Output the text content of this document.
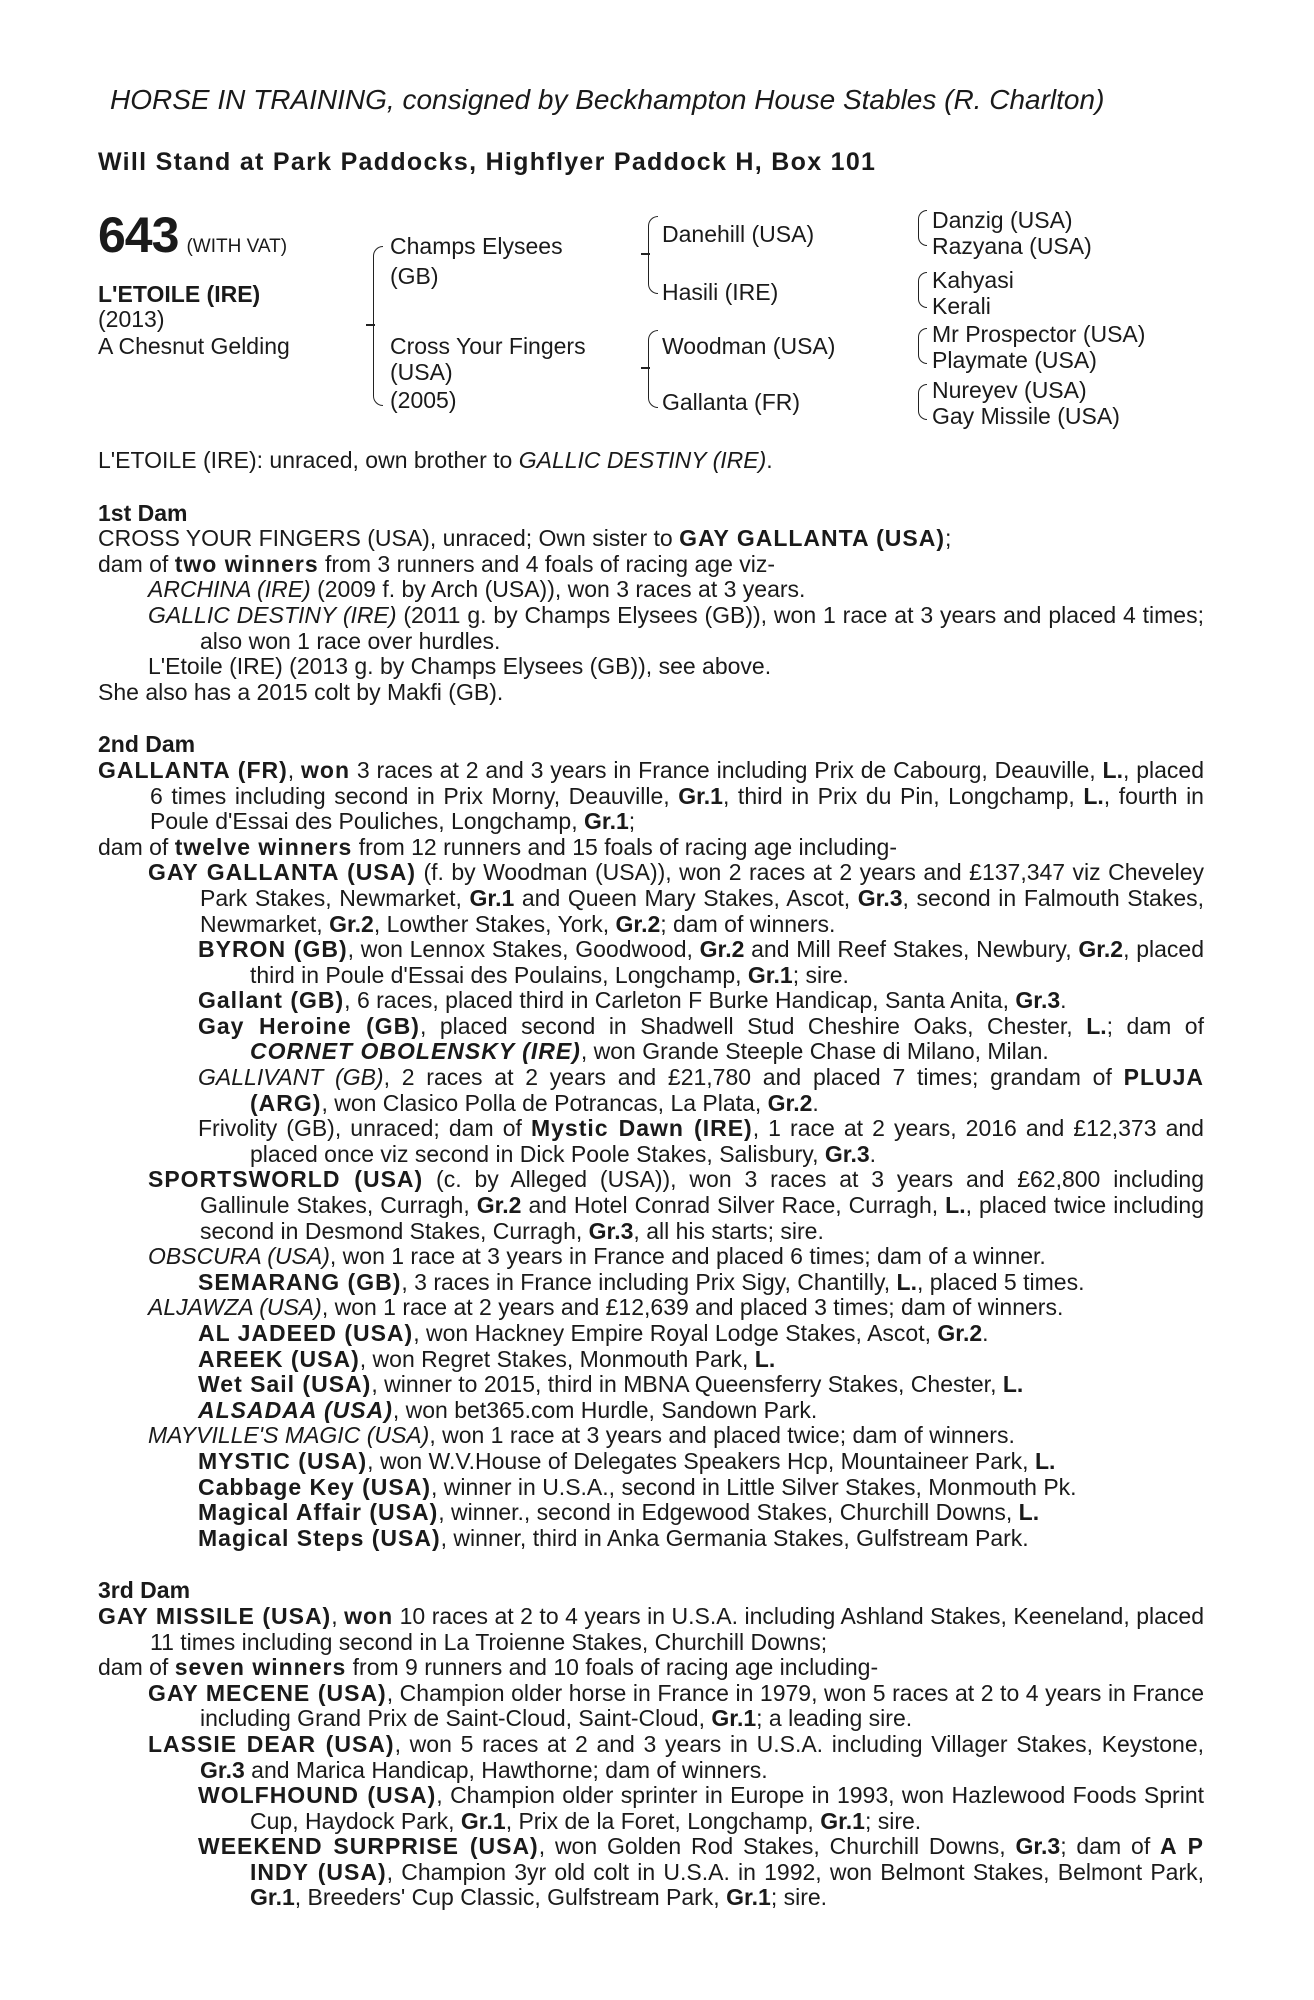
HORSE IN TRAINING, consigned by Beckhampton House Stables (R. Charlton)
Will Stand at Park Paddocks, Highflyer Paddock H, Box 101
643 (WITH VAT)
L'ETOILE (IRE)
(2013)
A Chesnut Gelding
Champs Elysees
(GB)
Cross Your Fingers
(USA)
(2005)
Danehill (USA)
Hasili (IRE)
Woodman (USA)
Gallanta (FR)
Danzig (USA)
Razyana (USA)
Kahyasi
Kerali
Mr Prospector (USA)
Playmate (USA)
Nureyev (USA)
Gay Missile (USA)

L'ETOILE (IRE): unraced, own brother to GALLIC DESTINY (IRE).

1st Dam

CROSS YOUR FINGERS (USA), unraced; Own sister to GAY GALLANTA (USA);

dam of two winners from 3 runners and 4 foals of racing age viz-

ARCHINA (IRE) (2009 f. by Arch (USA)), won 3 races at 3 years.

GALLIC DESTINY (IRE) (2011 g. by Champs Elysees (GB)), won 1 race at 3 years and placed 4 times; also won 1 race over hurdles.

L'Etoile (IRE) (2013 g. by Champs Elysees (GB)), see above.

She also has a 2015 colt by Makfi (GB).

2nd Dam

GALLANTA (FR), won 3 races at 2 and 3 years in France including Prix de Cabourg, Deauville, L., placed 6 times including second in Prix Morny, Deauville, Gr.1, third in Prix du Pin, Longchamp, L., fourth in Poule d'Essai des Pouliches, Longchamp, Gr.1;

dam of twelve winners from 12 runners and 15 foals of racing age including-

GAY GALLANTA (USA) (f. by Woodman (USA)), won 2 races at 2 years and £137,347 viz Cheveley Park Stakes, Newmarket, Gr.1 and Queen Mary Stakes, Ascot, Gr.3, second in Falmouth Stakes, Newmarket, Gr.2, Lowther Stakes, York, Gr.2; dam of winners.

BYRON (GB), won Lennox Stakes, Goodwood, Gr.2 and Mill Reef Stakes, Newbury, Gr.2, placed third in Poule d'Essai des Poulains, Longchamp, Gr.1; sire.

Gallant (GB), 6 races, placed third in Carleton F Burke Handicap, Santa Anita, Gr.3.

Gay Heroine (GB), placed second in Shadwell Stud Cheshire Oaks, Chester, L.; dam of CORNET OBOLENSKY (IRE), won Grande Steeple Chase di Milano, Milan.

GALLIVANT (GB), 2 races at 2 years and £21,780 and placed 7 times; grandam of PLUJA (ARG), won Clasico Polla de Potrancas, La Plata, Gr.2.

Frivolity (GB), unraced; dam of Mystic Dawn (IRE), 1 race at 2 years, 2016 and £12,373 and placed once viz second in Dick Poole Stakes, Salisbury, Gr.3.

SPORTSWORLD (USA) (c. by Alleged (USA)), won 3 races at 3 years and £62,800 including Gallinule Stakes, Curragh, Gr.2 and Hotel Conrad Silver Race, Curragh, L., placed twice including second in Desmond Stakes, Curragh, Gr.3, all his starts; sire.

OBSCURA (USA), won 1 race at 3 years in France and placed 6 times; dam of a winner.

SEMARANG (GB), 3 races in France including Prix Sigy, Chantilly, L., placed 5 times.

ALJAWZA (USA), won 1 race at 2 years and £12,639 and placed 3 times; dam of winners.

AL JADEED (USA), won Hackney Empire Royal Lodge Stakes, Ascot, Gr.2.

AREEK (USA), won Regret Stakes, Monmouth Park, L.

Wet Sail (USA), winner to 2015, third in MBNA Queensferry Stakes, Chester, L.

ALSADAA (USA), won bet365.com Hurdle, Sandown Park.

MAYVILLE'S MAGIC (USA), won 1 race at 3 years and placed twice; dam of winners.

MYSTIC (USA), won W.V.House of Delegates Speakers Hcp, Mountaineer Park, L.

Cabbage Key (USA), winner in U.S.A., second in Little Silver Stakes, Monmouth Pk.

Magical Affair (USA), winner., second in Edgewood Stakes, Churchill Downs, L.

Magical Steps (USA), winner, third in Anka Germania Stakes, Gulfstream Park.

3rd Dam

GAY MISSILE (USA), won 10 races at 2 to 4 years in U.S.A. including Ashland Stakes, Keeneland, placed 11 times including second in La Troienne Stakes, Churchill Downs;

dam of seven winners from 9 runners and 10 foals of racing age including-

GAY MECENE (USA), Champion older horse in France in 1979, won 5 races at 2 to 4 years in France including Grand Prix de Saint-Cloud, Saint-Cloud, Gr.1; a leading sire.

LASSIE DEAR (USA), won 5 races at 2 and 3 years in U.S.A. including Villager Stakes, Keystone, Gr.3 and Marica Handicap, Hawthorne; dam of winners.

WOLFHOUND (USA), Champion older sprinter in Europe in 1993, won Hazlewood Foods Sprint Cup, Haydock Park, Gr.1, Prix de la Foret, Longchamp, Gr.1; sire.

WEEKEND SURPRISE (USA), won Golden Rod Stakes, Churchill Downs, Gr.3; dam of A P INDY (USA), Champion 3yr old colt in U.S.A. in 1992, won Belmont Stakes, Belmont Park, Gr.1, Breeders' Cup Classic, Gulfstream Park, Gr.1; sire.
